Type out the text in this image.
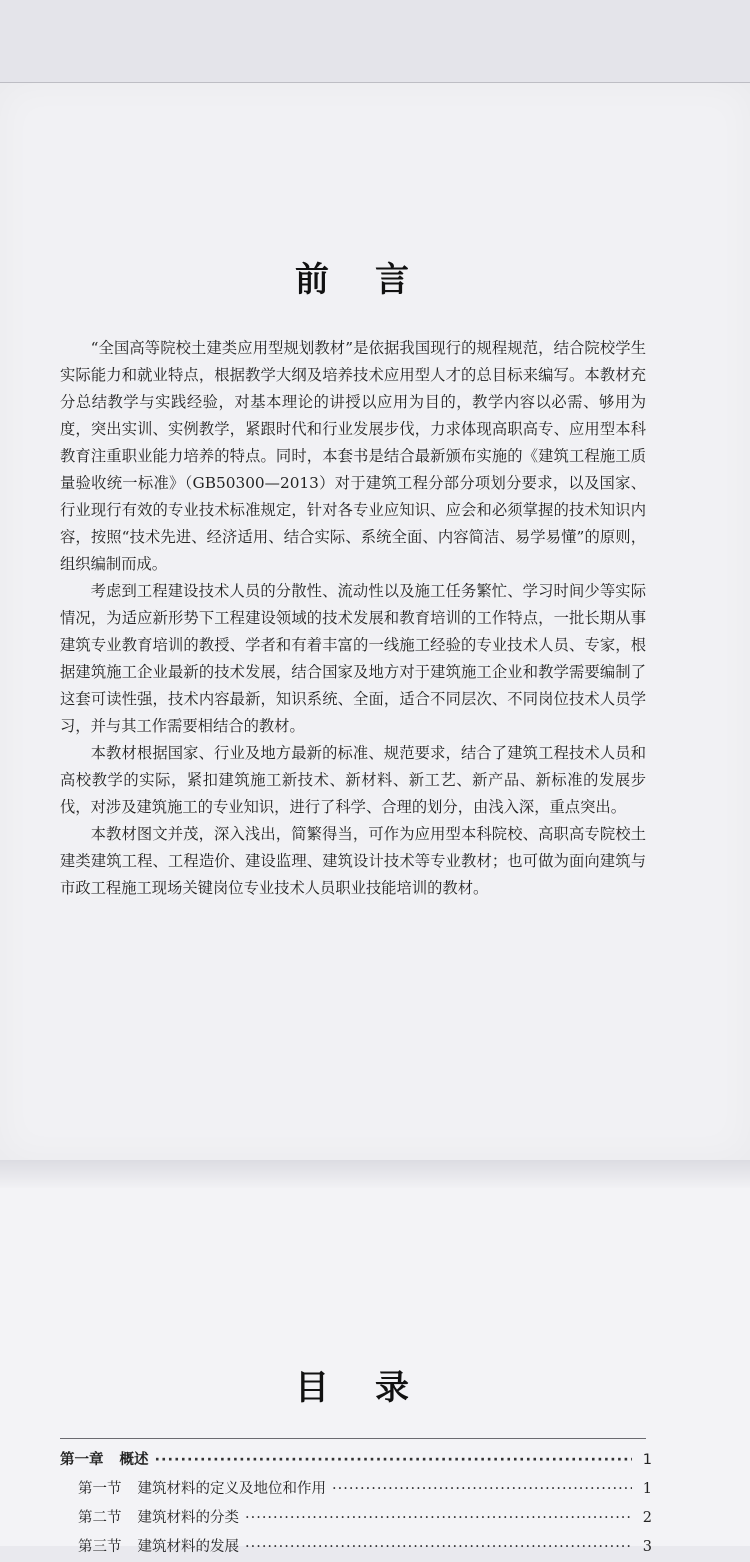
前言

“全国高等院校土建类应用型规划教材”是依据我国现行的规程规范，结合院校学生实际能力和就业特点，根据教学大纲及培养技术应用型人才的总目标来编写。本教材充分总结教学与实践经验，对基本理论的讲授以应用为目的，教学内容以必需、够用为度，突出实训、实例教学，紧跟时代和行业发展步伐，力求体现高职高专、应用型本科教育注重职业能力培养的特点。同时，本套书是结合最新颁布实施的《建筑工程施工质量验收统一标准》（GB50300—2013）对于建筑工程分部分项划分要求，以及国家、行业现行有效的专业技术标准规定，针对各专业应知识、应会和必须掌握的技术知识内容，按照“技术先进、经济适用、结合实际、系统全面、内容简洁、易学易懂”的原则，组织编制而成。

考虑到工程建设技术人员的分散性、流动性以及施工任务繁忙、学习时间少等实际情况，为适应新形势下工程建设领域的技术发展和教育培训的工作特点，一批长期从事建筑专业教育培训的教授、学者和有着丰富的一线施工经验的专业技术人员、专家，根据建筑施工企业最新的技术发展，结合国家及地方对于建筑施工企业和教学需要编制了这套可读性强，技术内容最新，知识系统、全面，适合不同层次、不同岗位技术人员学习，并与其工作需要相结合的教材。

本教材根据国家、行业及地方最新的标准、规范要求，结合了建筑工程技术人员和高校教学的实际，紧扣建筑施工新技术、新材料、新工艺、新产品、新标准的发展步伐，对涉及建筑施工的专业知识，进行了科学、合理的划分，由浅入深，重点突出。

本教材图文并茂，深入浅出，简繁得当，可作为应用型本科院校、高职高专院校土建类建筑工程、工程造价、建设监理、建筑设计技术等专业教材；也可做为面向建筑与市政工程施工现场关键岗位专业技术人员职业技能培训的教材。

目录
第一章 概述 ·····	1
第一节 建筑材料的定义及地位和作用 ·····	1
第二节 建筑材料的分类 ·····	2
第三节 建筑材料的发展 ·····	3
